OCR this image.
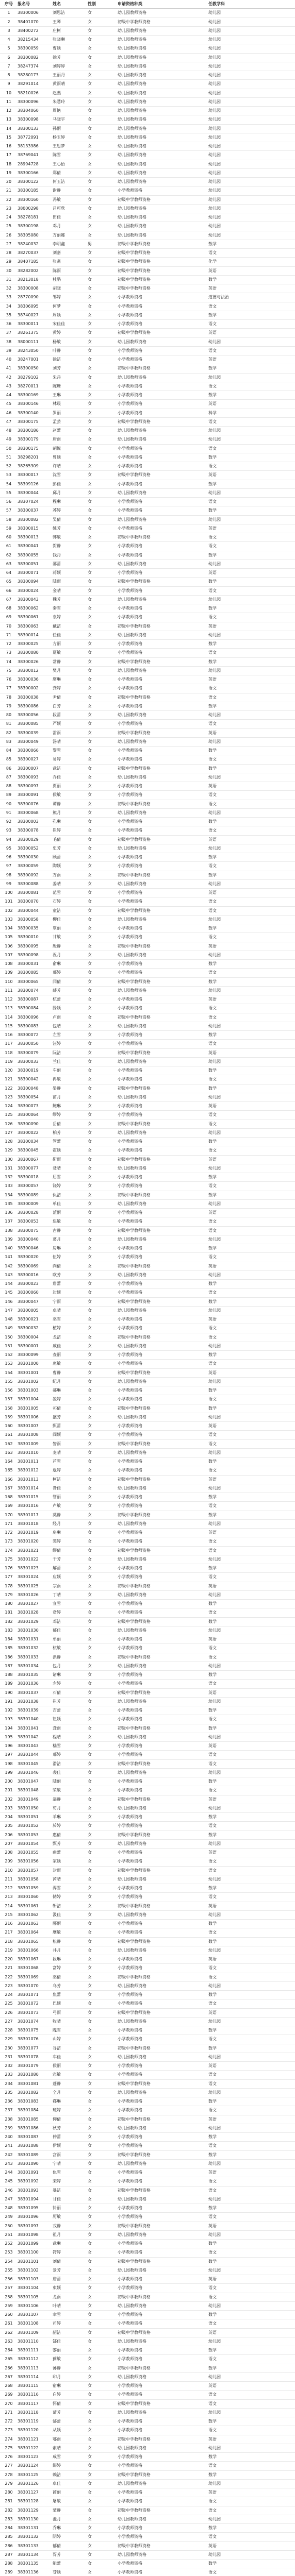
序号	报名号	姓名	性别	申请资格种类	任教学科
1	38300006	刘思洁	女	幼儿园教师资格	幼儿园
2	38401070	王琴	女	初级中学教师资格	幼儿园
3	38400272	庄柯	女	幼儿园教师资格	幼儿园
4	38215434	张晓琳	女	幼儿园教师资格	幼儿园
5	38300059	曹颖	女	幼儿园教师资格	幼儿园
6	38300082	徐芳	女	幼儿园教师资格	幼儿园
7	38247374	刘婷婷	女	幼儿园教师资格	幼儿园
8	38280173	王丽丹	女	幼儿园教师资格	幼儿园
9	38291014	黄雨晴	女	幼儿园教师资格	幼儿园
10	38210026	赵燕	女	幼儿园教师资格	幼儿园
11	38300096	朱慧玲	女	幼儿园教师资格	幼儿园
12	38304060	周艳	女	幼儿园教师资格	幼儿园
13	38300098	马晓宇	女	幼儿园教师资格	幼儿园
14	38300133	孙丽	女	幼儿园教师资格	幼儿园
15	38772091	杨玉婷	女	幼儿园教师资格	幼儿园
16	38133986	王思梦	女	幼儿园教师资格	幼儿园
17	38769041	陈雪	女	幼儿园教师资格	幼儿园
18	28994728	王心怡	女	幼儿园教师资格	幼儿园
19	38300166	郑倩	女	幼儿园教师资格	幼儿园
20	38300122	何玉洁	女	幼儿园教师资格	幼儿园
21	38300185	谢静	女	小学教师资格	幼儿园
22	38300160	冯敏	女	初级中学教师资格	幼儿园
23	38000298	吕可欣	女	幼儿园教师资格	幼儿园
24	38278181	田佳	女	幼儿园教师资格	幼儿园
25	38300198	邓月	女	幼儿园教师资格	幼儿园
26	38305080	万丽娜	女	幼儿园教师资格	幼儿园
27	38240032	李明鑫	男	初级中学教师资格	数学
28	38270037	刘嘉	女	初级中学教师资格	语文
29	38407185	张燕	女	初级中学教师资格	化学
30	38282002	陈雨	女	初级中学教师资格	英语
31	38213018	杜鹃	女	初级中学教师资格	数学
32	38300008	胡晓	女	初级中学教师资格	英语
33	28770090	邹婷	女	小学教师资格	道德与法治
34	38306095	何梦	女	小学教师资格	语文
35	38740027	周颖	女	小学教师资格	数学
36	38300011	宋佳佳	女	小学教师资格	语文
37	38261375	黄婷	女	初级中学教师资格	英语
38	38000111	杨敏	女	幼儿园教师资格	幼儿园
39	38243050	叶静	女	小学教师资格	语文
40	38247001	徐洁	女	小学教师资格	英语
41	38300050	刘芳	女	初级中学教师资格	数学
42	38279102	朱丹	女	幼儿园教师资格	幼儿园
43	38270011	陈珊	女	小学教师资格	语文
44	38300169	王琳	女	小学教师资格	数学
45	38300146	林晨	女	小学教师资格	英语
46	38300140	罗丽	女	小学教师资格	科学
47	38300175	孟芸	女	初级中学教师资格	语文
48	38300186	赵蕾	女	幼儿园教师资格	幼儿园
49	38300179	唐雨	女	幼儿园教师资格	幼儿园
50	38300175	胡悦	女	小学教师资格	语文
51	38298201	曾颖	女	小学教师资格	数学
52	38265309	许晴	女	小学教师资格	语文
53	38300017	沈雪	女	初级中学教师资格	英语
54	38309126	彭佳	女	小学教师资格	数学
55	38300044	邱月	女	幼儿园教师资格	幼儿园
56	38307024	程琳	女	小学教师资格	语文
57	38300037	苏婷	女	小学教师资格	数学
58	38300082	吴倩	女	幼儿园教师资格	幼儿园
59	38300015	姚芳	女	小学教师资格	英语
60	38300013	韩敏	女	初级中学教师资格	语文
61	38300041	贺静	女	小学教师资格	语文
62	38300055	钱丹	女	小学教师资格	数学
63	38300051	邵蕾	女	幼儿园教师资格	幼儿园
64	38300071	蒋颖	女	小学教师资格	英语
65	38300094	陆雨	女	初级中学教师资格	数学
66	38300024	金晴	女	小学教师资格	语文
67	38300043	魏芳	女	幼儿园教师资格	幼儿园
68	38300062	秦雪	女	小学教师资格	数学
69	38300061	袁婷	女	小学教师资格	语文
70	38300063	戴洁	女	初级中学教师资格	英语
71	38300014	任佳	女	幼儿园教师资格	幼儿园
72	38300025	方丽	女	小学教师资格	数学
73	38300080	夏敏	女	小学教师资格	语文
74	38300026	常静	女	初级中学教师资格	数学
75	38300012	樊月	女	幼儿园教师资格	幼儿园
76	38300036	廖琳	女	小学教师资格	英语
77	38300002	龚婷	女	小学教师资格	语文
78	38300038	尹倩	女	初级中学教师资格	语文
79	38300086	白芳	女	小学教师资格	数学
80	38300056	段蕾	女	幼儿园教师资格	幼儿园
81	38300085	严颖	女	小学教师资格	语文
82	38300039	雷雨	女	初级中学教师资格	英语
83	38300049	汤晴	女	幼儿园教师资格	幼儿园
84	38300066	黎雪	女	小学教师资格	数学
85	38300027	易婷	女	小学教师资格	语文
86	38300007	武洁	女	初级中学教师资格	数学
87	38300093	乔佳	女	幼儿园教师资格	幼儿园
88	38300097	贾丽	女	小学教师资格	英语
89	38300091	侯敏	女	小学教师资格	语文
90	38300076	谭静	女	初级中学教师资格	语文
91	38300068	熊月	女	幼儿园教师资格	幼儿园
92	38300003	孔琳	女	小学教师资格	数学
93	38300078	崔婷	女	小学教师资格	语文
94	38300029	毛倩	女	初级中学教师资格	英语
95	38300052	史芳	女	幼儿园教师资格	幼儿园
96	38300030	顾蕾	女	小学教师资格	数学
97	38300059	陶颖	女	小学教师资格	语文
98	38300092	万雨	女	初级中学教师资格	数学
99	38300088	姜晴	女	幼儿园教师资格	幼儿园
100	38300081	范雪	女	小学教师资格	英语
101	38300070	石婷	女	小学教师资格	语文
102	38300044	童洁	女	初级中学教师资格	语文
103	38300058	柳佳	女	幼儿园教师资格	幼儿园
104	38300035	覃丽	女	小学教师资格	数学
105	38300010	甘敏	女	小学教师资格	语文
106	38300095	殷静	女	初级中学教师资格	英语
107	38300098	祝月	女	幼儿园教师资格	幼儿园
108	38300031	俞琳	女	小学教师资格	数学
109	38300085	邢婷	女	小学教师资格	语文
110	38300065	闫倩	女	初级中学教师资格	数学
111	38300074	薛芳	女	幼儿园教师资格	幼儿园
112	38300087	杭蕾	女	小学教师资格	英语
113	38300084	滕颖	女	小学教师资格	语文
114	38300096	卢雨	女	初级中学教师资格	语文
115	38300083	包晴	女	幼儿园教师资格	幼儿园
116	38300072	左雪	女	小学教师资格	数学
117	38300050	汪婷	女	小学教师资格	语文
118	38300079	阮洁	女	初级中学教师资格	英语
119	38300033	兰佳	女	幼儿园教师资格	幼儿园
120	38300019	车丽	女	小学教师资格	数学
121	38300042	冉敏	女	小学教师资格	语文
122	38300048	晏静	女	初级中学教师资格	数学
123	38300054	苗月	女	幼儿园教师资格	幼儿园
124	38300073	鲍琳	女	小学教师资格	英语
125	38300064	缪婷	女	小学教师资格	语文
126	38300090	岳倩	女	初级中学教师资格	语文
127	38300022	柏芳	女	幼儿园教师资格	幼儿园
128	38300034	管蕾	女	小学教师资格	数学
129	38300045	霍颖	女	小学教师资格	语文
130	38300067	靳雨	女	初级中学教师资格	英语
131	38300077	聂晴	女	幼儿园教师资格	幼儿园
132	38300018	屈雪	女	小学教师资格	数学
133	38300057	饶婷	女	小学教师资格	语文
134	38300089	仇洁	女	初级中学教师资格	数学
135	38300009	单佳	女	幼儿园教师资格	幼儿园
136	38300028	蓝丽	女	小学教师资格	英语
137	38300053	焦敏	女	小学教师资格	语文
138	38300075	古静	女	初级中学教师资格	语文
139	38300040	葛月	女	幼儿园教师资格	幼儿园
140	38300046	房琳	女	小学教师资格	数学
141	38300020	伍婷	女	小学教师资格	语文
142	38300069	向倩	女	初级中学教师资格	英语
143	38300016	欧芳	女	幼儿园教师资格	幼儿园
144	38300023	詹蕾	女	小学教师资格	数学
145	38300060	边颖	女	小学教师资格	语文
146	38300047	宁雨	女	初级中学教师资格	数学
147	38300005	卓晴	女	幼儿园教师资格	幼儿园
148	38300021	巫雪	女	小学教师资格	英语
149	38300032	植婷	女	小学教师资格	语文
150	38300004	龙洁	女	初级中学教师资格	语文
151	38300001	戚佳	女	幼儿园教师资格	幼儿园
152	38300099	查丽	女	小学教师资格	数学
153	38301000	庞敏	女	小学教师资格	语文
154	38301001	曹静	女	初级中学教师资格	英语
155	38301002	纪月	女	幼儿园教师资格	幼儿园
156	38301003	郝琳	女	小学教师资格	数学
157	38301004	凌婷	女	小学教师资格	语文
158	38301005	祁倩	女	初级中学教师资格	数学
159	38301006	盛芳	女	幼儿园教师资格	幼儿园
160	38301007	甄蕾	女	小学教师资格	英语
161	38301008	阎颖	女	小学教师资格	语文
162	38301009	訾雨	女	初级中学教师资格	语文
163	38301010	麦晴	女	幼儿园教师资格	幼儿园
164	38301011	芦雪	女	小学教师资格	数学
165	38301012	危婷	女	小学教师资格	语文
166	38301013	柯洁	女	初级中学教师资格	英语
167	38301014	昝佳	女	幼儿园教师资格	幼儿园
168	38301015	管丽	女	小学教师资格	数学
169	38301016	卢敏	女	小学教师资格	语文
170	38301017	莫静	女	初级中学教师资格	数学
171	38301018	经月	女	幼儿园教师资格	幼儿园
172	38301019	房琳	女	小学教师资格	英语
173	38301020	裘婷	女	小学教师资格	语文
174	38301021	缪倩	女	初级中学教师资格	语文
175	38301022	干芳	女	幼儿园教师资格	幼儿园
176	38301023	解蕾	女	小学教师资格	数学
177	38301024	应颖	女	小学教师资格	语文
178	38301025	宗雨	女	初级中学教师资格	英语
179	38301026	丁晴	女	幼儿园教师资格	幼儿园
180	38301027	宣雪	女	小学教师资格	数学
181	38301028	贲婷	女	小学教师资格	语文
182	38301029	邓洁	女	初级中学教师资格	数学
183	38301030	郁佳	女	幼儿园教师资格	幼儿园
184	38301031	单丽	女	小学教师资格	英语
185	38301032	杭敏	女	小学教师资格	语文
186	38301033	洪静	女	初级中学教师资格	语文
187	38301034	包月	女	幼儿园教师资格	幼儿园
188	38301035	诸琳	女	小学教师资格	数学
189	38301036	左婷	女	小学教师资格	语文
190	38301037	石倩	女	初级中学教师资格	英语
191	38301038	崔芳	女	幼儿园教师资格	幼儿园
192	38301039	吉蕾	女	小学教师资格	数学
193	38301040	钮颖	女	小学教师资格	语文
194	38301041	龚雨	女	初级中学教师资格	数学
195	38301042	程晴	女	幼儿园教师资格	幼儿园
196	38301043	嵇雪	女	小学教师资格	英语
197	38301044	邢婷	女	小学教师资格	语文
198	38301045	滑洁	女	初级中学教师资格	语文
199	38301046	裴佳	女	幼儿园教师资格	幼儿园
200	38301047	陆丽	女	小学教师资格	数学
201	38301048	荣敏	女	小学教师资格	语文
202	38301049	翁静	女	初级中学教师资格	英语
203	38301050	荀月	女	幼儿园教师资格	幼儿园
204	38301051	羊琳	女	小学教师资格	数学
205	38301052	於婷	女	小学教师资格	语文
206	38301053	惠倩	女	初级中学教师资格	数学
207	38301054	甄芳	女	幼儿园教师资格	幼儿园
208	38301055	曲蕾	女	小学教师资格	英语
209	38301056	家颖	女	小学教师资格	语文
210	38301057	封雨	女	初级中学教师资格	语文
211	38301058	芮晴	女	幼儿园教师资格	幼儿园
212	38301059	羿雪	女	小学教师资格	数学
213	38301060	储婷	女	小学教师资格	语文
214	38301061	靳洁	女	初级中学教师资格	英语
215	38301062	汲佳	女	幼儿园教师资格	幼儿园
216	38301063	邴丽	女	小学教师资格	数学
217	38301064	糜敏	女	小学教师资格	语文
218	38301065	松静	女	初级中学教师资格	数学
219	38301066	井月	女	幼儿园教师资格	幼儿园
220	38301067	段琳	女	小学教师资格	英语
221	38301068	富婷	女	小学教师资格	语文
222	38301069	巫倩	女	初级中学教师资格	语文
223	38301070	乌芳	女	幼儿园教师资格	幼儿园
224	38301071	焦蕾	女	小学教师资格	数学
225	38301072	巴颖	女	小学教师资格	语文
226	38301073	弓雨	女	初级中学教师资格	英语
227	38301074	牧晴	女	幼儿园教师资格	幼儿园
228	38301075	隗雪	女	小学教师资格	数学
229	38301076	山婷	女	小学教师资格	语文
230	38301077	谷洁	女	初级中学教师资格	数学
231	38301078	车佳	女	幼儿园教师资格	幼儿园
232	38301079	侯丽	女	小学教师资格	英语
233	38301080	宓敏	女	小学教师资格	语文
234	38301081	蓬静	女	初级中学教师资格	语文
235	38301082	全月	女	幼儿园教师资格	幼儿园
236	38301083	郗琳	女	小学教师资格	数学
237	38301084	班婷	女	小学教师资格	语文
238	38301085	仰倩	女	初级中学教师资格	英语
239	38301086	秋芳	女	幼儿园教师资格	幼儿园
240	38301087	仲蕾	女	小学教师资格	数学
241	38301088	伊颖	女	小学教师资格	语文
242	38301089	宫雨	女	初级中学教师资格	数学
243	38301090	宁晴	女	幼儿园教师资格	幼儿园
244	38301091	仇雪	女	小学教师资格	英语
245	38301092	栾婷	女	小学教师资格	语文
246	38301093	暴洁	女	初级中学教师资格	语文
247	38301094	甘佳	女	幼儿园教师资格	幼儿园
248	38301095	钭丽	女	小学教师资格	数学
249	38301096	厉敏	女	小学教师资格	语文
250	38301097	戎静	女	初级中学教师资格	英语
251	38301098	祖月	女	幼儿园教师资格	幼儿园
252	38301099	武琳	女	小学教师资格	数学
253	38301100	符婷	女	小学教师资格	语文
254	38301101	刘倩	女	初级中学教师资格	数学
255	38301102	景芳	女	幼儿园教师资格	幼儿园
256	38301103	詹蕾	女	小学教师资格	英语
257	38301104	束颖	女	小学教师资格	语文
258	38301105	龙雨	女	初级中学教师资格	语文
259	38301106	叶晴	女	幼儿园教师资格	幼儿园
260	38301107	幸雪	女	小学教师资格	数学
261	38301108	司婷	女	小学教师资格	语文
262	38301109	韶洁	女	初级中学教师资格	英语
263	38301110	郜佳	女	幼儿园教师资格	幼儿园
264	38301111	黎丽	女	小学教师资格	数学
265	38301112	蓟敏	女	小学教师资格	语文
266	38301113	薄静	女	初级中学教师资格	数学
267	38301114	印月	女	幼儿园教师资格	幼儿园
268	38301115	宿琳	女	小学教师资格	英语
269	38301116	白婷	女	小学教师资格	语文
270	38301117	怀倩	女	初级中学教师资格	语文
271	38301118	蒲芳	女	幼儿园教师资格	幼儿园
272	38301119	邰蕾	女	小学教师资格	数学
273	38301120	从颖	女	小学教师资格	语文
274	38301121	鄂雨	女	初级中学教师资格	英语
275	38301122	索晴	女	幼儿园教师资格	幼儿园
276	38301123	咸雪	女	小学教师资格	数学
277	38301124	籍婷	女	小学教师资格	语文
278	38301125	赖洁	女	初级中学教师资格	数学
279	38301126	卓佳	女	幼儿园教师资格	幼儿园
280	38301127	蔺丽	女	小学教师资格	英语
281	38301128	屠敏	女	小学教师资格	语文
282	38301129	蒙静	女	初级中学教师资格	语文
283	38301130	池月	女	幼儿园教师资格	幼儿园
284	38301131	乔琳	女	小学教师资格	数学
285	38301132	阴婷	女	小学教师资格	语文
286	38301133	郁倩	女	初级中学教师资格	英语
287	38301134	胥芳	女	幼儿园教师资格	幼儿园
288	38301135	能蕾	女	小学教师资格	数学
289	38301136	苍颖	女	小学教师资格	语文
